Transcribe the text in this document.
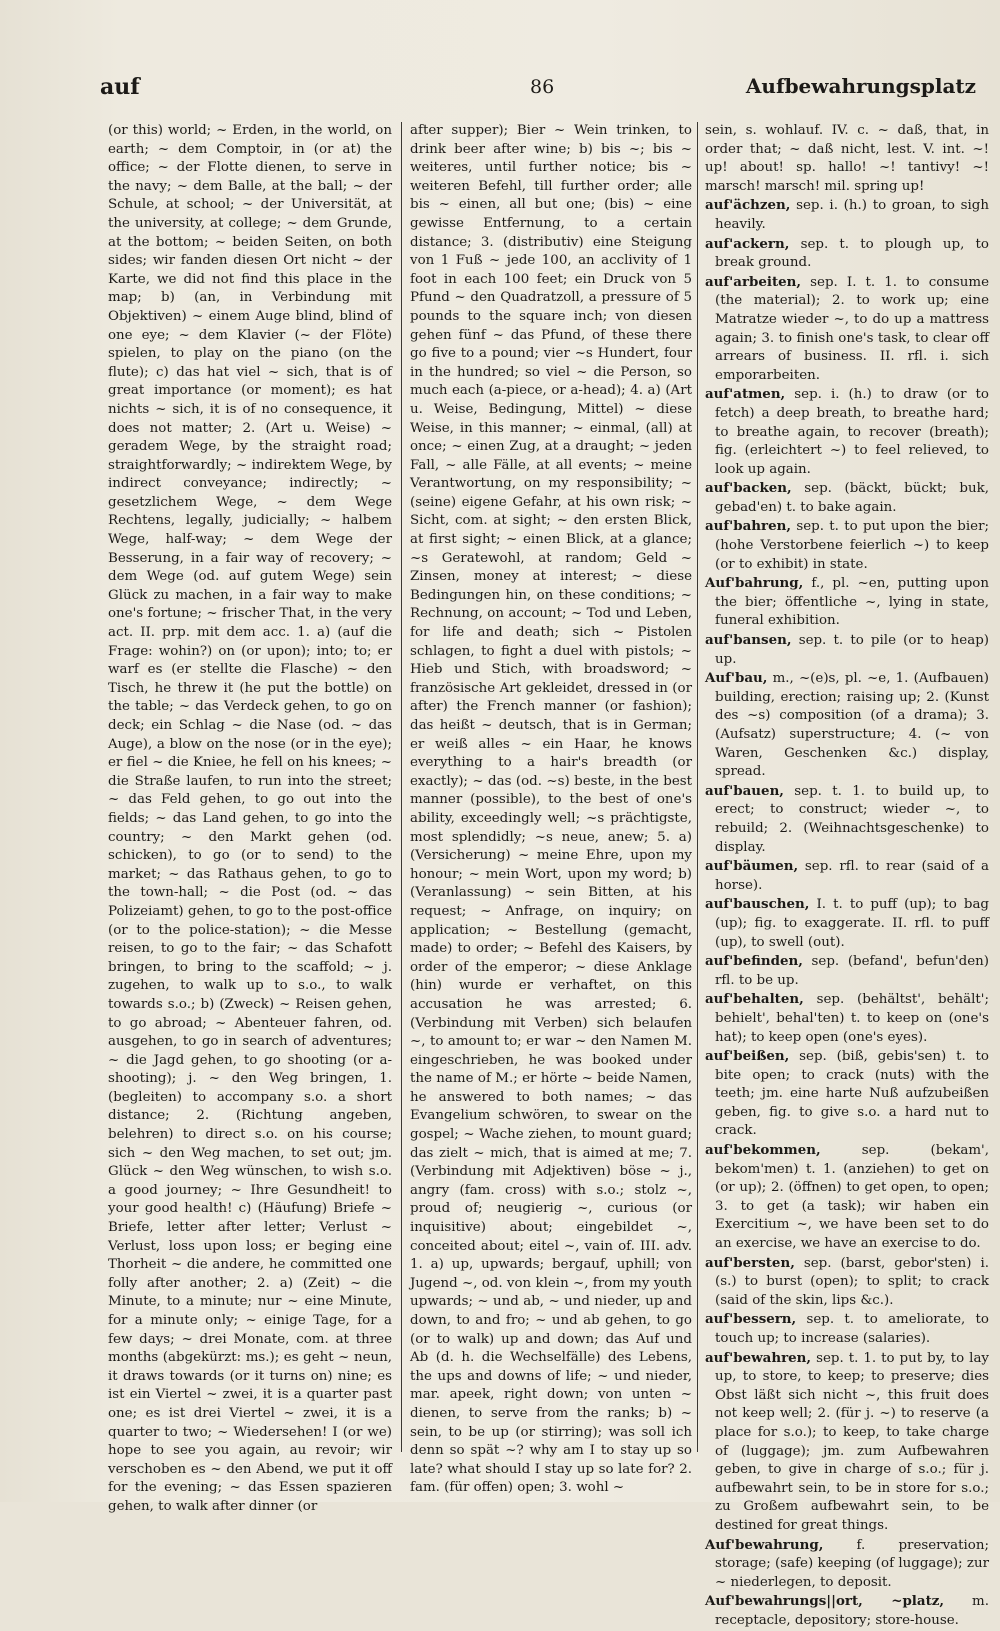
auf	86	Aufbewahrungsplatz

(or this) world; ~ Erden, in the world, on earth; ~ dem Comptoir, in (or at) the office; ~ der Flotte dienen, to serve in the navy; ~ dem Balle, at the ball; ~ der Schule, at school; ~ der Universität, at the university, at college; ~ dem Grunde, at the bottom; ~ beiden Seiten, on both sides; wir fanden diesen Ort nicht ~ der Karte, we did not find this place in the map; b) (an, in Verbindung mit Objektiven) ~ einem Auge blind, blind of one eye; ~ dem Klavier (~ der Flöte) spielen, to play on the piano (on the flute); c) das hat viel ~ sich, that is of great importance (or moment); es hat nichts ~ sich, it is of no consequence, it does not matter; 2. (Art u. Weise) ~ geradem Wege, by the straight road; straightforwardly; ~ indirektem Wege, by indirect conveyance; indirectly; ~ gesetzlichem Wege, ~ dem Wege Rechtens, legally, judicially; ~ halbem Wege, half-way; ~ dem Wege der Besserung, in a fair way of recovery; ~ dem Wege (od. auf gutem Wege) sein Glück zu machen, in a fair way to make one's fortune; ~ frischer That, in the very act. II. prp. mit dem acc. 1. a) (auf die Frage: wohin?) on (or upon); into; to; er warf es (er stellte die Flasche) ~ den Tisch, he threw it (he put the bottle) on the table; ~ das Verdeck gehen, to go on deck; ein Schlag ~ die Nase (od. ~ das Auge), a blow on the nose (or in the eye); er fiel ~ die Kniee, he fell on his knees; ~ die Straße laufen, to run into the street; ~ das Feld gehen, to go out into the fields; ~ das Land gehen, to go into the country; ~ den Markt gehen (od. schicken), to go (or to send) to the market; ~ das Rathaus gehen, to go to the town-hall; ~ die Post (od. ~ das Polizeiamt) gehen, to go to the post-office (or to the police-station); ~ die Messe reisen, to go to the fair; ~ das Schafott bringen, to bring to the scaffold; ~ j. zugehen, to walk up to s.o., to walk towards s.o.; b) (Zweck) ~ Reisen gehen, to go abroad; ~ Abenteuer fahren, od. ausgehen, to go in search of adventures; ~ die Jagd gehen, to go shooting (or a-shooting); j. ~ den Weg bringen, 1. (begleiten) to accompany s.o. a short distance; 2. (Richtung angeben, belehren) to direct s.o. on his course; sich ~ den Weg machen, to set out; jm. Glück ~ den Weg wünschen, to wish s.o. a good journey; ~ Ihre Gesundheit! to your good health! c) (Häufung) Briefe ~ Briefe, letter after letter; Verlust ~ Verlust, loss upon loss; er beging eine Thorheit ~ die andere, he committed one folly after another; 2. a) (Zeit) ~ die Minute, to a minute; nur ~ eine Minute, for a minute only; ~ einige Tage, for a few days; ~ drei Monate, com. at three months (abgekürzt: ms.); es geht ~ neun, it draws towards (or it turns on) nine; es ist ein Viertel ~ zwei, it is a quarter past one; es ist drei Viertel ~ zwei, it is a quarter to two; ~ Wiedersehen! I (or we) hope to see you again, au revoir; wir verschoben es ~ den Abend, we put it off for the evening; ~ das Essen spazieren gehen, to walk after dinner (or

after supper); Bier ~ Wein trinken, to drink beer after wine; b) bis ~; bis ~ weiteres, until further notice; bis ~ weiteren Befehl, till further order; alle bis ~ einen, all but one; (bis) ~ eine gewisse Entfernung, to a certain distance; 3. (distributiv) eine Steigung von 1 Fuß ~ jede 100, an acclivity of 1 foot in each 100 feet; ein Druck von 5 Pfund ~ den Quadratzoll, a pressure of 5 pounds to the square inch; von diesen gehen fünf ~ das Pfund, of these there go five to a pound; vier ~s Hundert, four in the hundred; so viel ~ die Person, so much each (a-piece, or a-head); 4. a) (Art u. Weise, Bedingung, Mittel) ~ diese Weise, in this manner; ~ einmal, (all) at once; ~ einen Zug, at a draught; ~ jeden Fall, ~ alle Fälle, at all events; ~ meine Verantwortung, on my responsibility; ~ (seine) eigene Gefahr, at his own risk; ~ Sicht, com. at sight; ~ den ersten Blick, at first sight; ~ einen Blick, at a glance; ~s Geratewohl, at random; Geld ~ Zinsen, money at interest; ~ diese Bedingungen hin, on these conditions; ~ Rechnung, on account; ~ Tod und Leben, for life and death; sich ~ Pistolen schlagen, to fight a duel with pistols; ~ Hieb und Stich, with broadsword; ~ französische Art gekleidet, dressed in (or after) the French manner (or fashion); das heißt ~ deutsch, that is in German; er weiß alles ~ ein Haar, he knows everything to a hair's breadth (or exactly); ~ das (od. ~s) beste, in the best manner (possible), to the best of one's ability, exceedingly well; ~s prächtigste, most splendidly; ~s neue, anew; 5. a) (Versicherung) ~ meine Ehre, upon my honour; ~ mein Wort, upon my word; b) (Veranlassung) ~ sein Bitten, at his request; ~ Anfrage, on inquiry; on application; ~ Bestellung (gemacht, made) to order; ~ Befehl des Kaisers, by order of the emperor; ~ diese Anklage (hin) wurde er verhaftet, on this accusation he was arrested; 6. (Verbindung mit Verben) sich belaufen ~, to amount to; er war ~ den Namen M. eingeschrieben, he was booked under the name of M.; er hörte ~ beide Namen, he answered to both names; ~ das Evangelium schwören, to swear on the gospel; ~ Wache ziehen, to mount guard; das zielt ~ mich, that is aimed at me; 7. (Verbindung mit Adjektiven) böse ~ j., angry (fam. cross) with s.o.; stolz ~, proud of; neugierig ~, curious (or inquisitive) about; eingebildet ~, conceited about; eitel ~, vain of. III. adv. 1. a) up, upwards; bergauf, uphill; von Jugend ~, od. von klein ~, from my youth upwards; ~ und ab, ~ und nieder, up and down, to and fro; ~ und ab gehen, to go (or to walk) up and down; das Auf und Ab (d. h. die Wechselfälle) des Lebens, the ups and downs of life; ~ und nieder, mar. apeek, right down; von unten ~ dienen, to serve from the ranks; b) ~ sein, to be up (or stirring); was soll ich denn so spät ~? why am I to stay up so late? what should I stay up so late for? 2. fam. (für offen) open; 3. wohl ~

sein, s. wohlauf. IV. c. ~ daß, that, in order that; ~ daß nicht, lest. V. int. ~! up! about! sp. hallo! ~! tantivy! ~! marsch! marsch! mil. spring up!

auf'ächzen, sep. i. (h.) to groan, to sigh heavily.

auf'ackern, sep. t. to plough up, to break ground.

auf'arbeiten, sep. I. t. 1. to consume (the material); 2. to work up; eine Matratze wieder ~, to do up a mattress again; 3. to finish one's task, to clear off arrears of business. II. rfl. i. sich emporarbeiten.

auf'atmen, sep. i. (h.) to draw (or to fetch) a deep breath, to breathe hard; to breathe again, to recover (breath); fig. (erleichtert ~) to feel relieved, to look up again.

auf'backen, sep. (bäckt, bückt; buk, gebad'en) t. to bake again.

auf'bahren, sep. t. to put upon the bier; (hohe Verstorbene feierlich ~) to keep (or to exhibit) in state.

Auf'bahrung, f., pl. ~en, putting upon the bier; öffentliche ~, lying in state, funeral exhibition.

auf'bansen, sep. t. to pile (or to heap) up.

Auf'bau, m., ~(e)s, pl. ~e, 1. (Aufbauen) building, erection; raising up; 2. (Kunst des ~s) composition (of a drama); 3. (Aufsatz) superstructure; 4. (~ von Waren, Geschenken &c.) display, spread.

auf'bauen, sep. t. 1. to build up, to erect; to construct; wieder ~, to rebuild; 2. (Weihnachtsgeschenke) to display.

auf'bäumen, sep. rfl. to rear (said of a horse).

auf'bauschen, I. t. to puff (up); to bag (up); fig. to exaggerate. II. rfl. to puff (up), to swell (out).

auf'befinden, sep. (befand', befun'den) rfl. to be up.

auf'behalten, sep. (behältst', behält'; behielt', behal'ten) t. to keep on (one's hat); to keep open (one's eyes).

auf'beißen, sep. (biß, gebis'sen) t. to bite open; to crack (nuts) with the teeth; jm. eine harte Nuß aufzubeißen geben, fig. to give s.o. a hard nut to crack.

auf'bekommen, sep. (bekam', bekom'men) t. 1. (anziehen) to get on (or up); 2. (öffnen) to get open, to open; 3. to get (a task); wir haben ein Exercitium ~, we have been set to do an exercise, we have an exercise to do.

auf'bersten, sep. (barst, gebor'sten) i. (s.) to burst (open); to split; to crack (said of the skin, lips &c.).

auf'bessern, sep. t. to ameliorate, to touch up; to increase (salaries).

auf'bewahren, sep. t. 1. to put by, to lay up, to store, to keep; to preserve; dies Obst läßt sich nicht ~, this fruit does not keep well; 2. (für j. ~) to reserve (a place for s.o.); to keep, to take charge of (luggage); jm. zum Aufbewahren geben, to give in charge of s.o.; für j. aufbewahrt sein, to be in store for s.o.; zu Großem aufbewahrt sein, to be destined for great things.

Auf'bewahrung, f. preservation; storage; (safe) keeping (of luggage); zur ~ niederlegen, to deposit.

Auf'bewahrungs||ort, ~platz, m. receptacle, depository; store-house.
